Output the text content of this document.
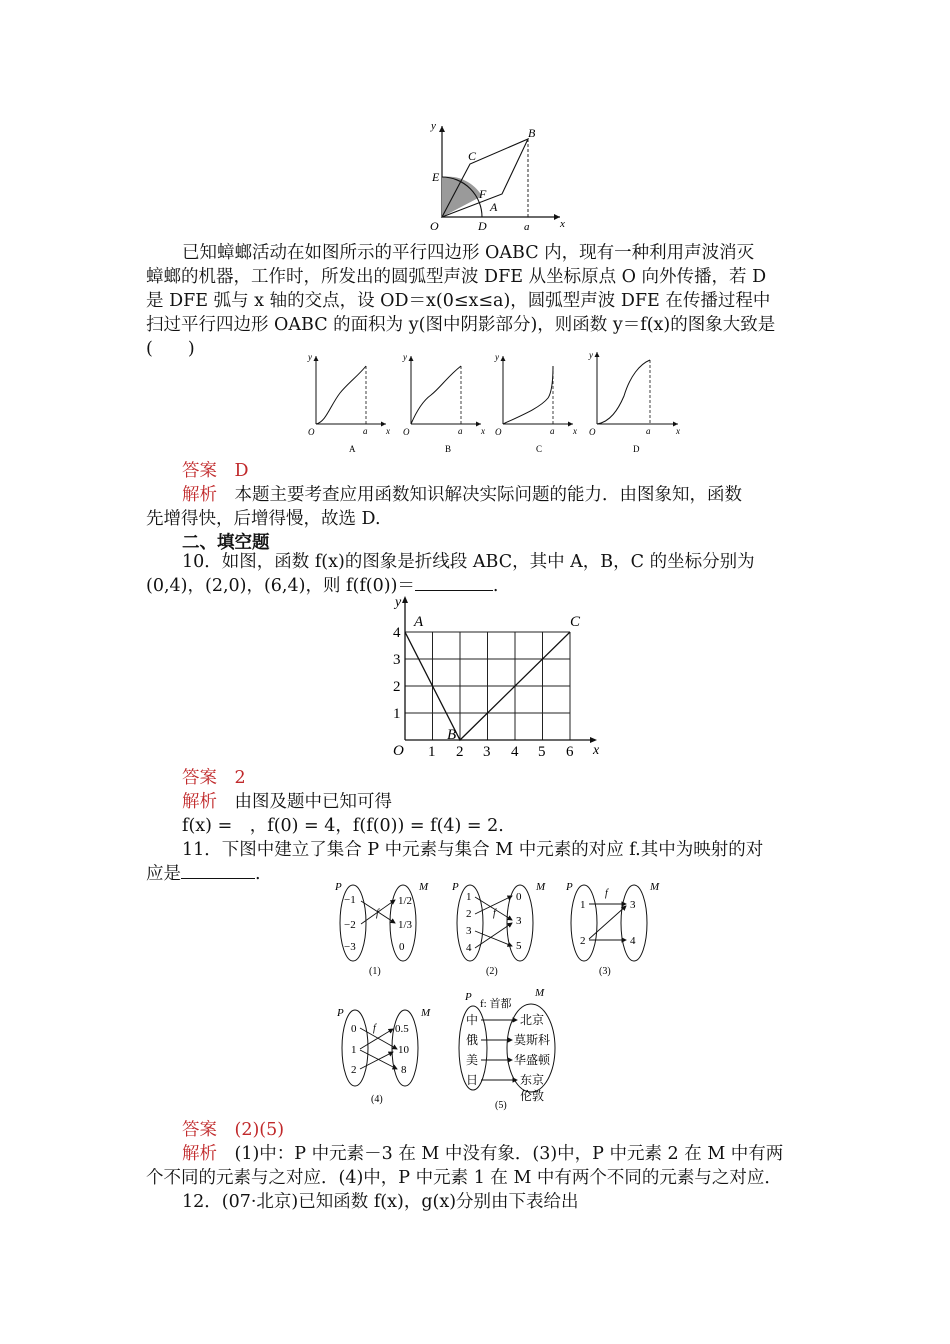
y
x
O	a
B
C
E
F
A
D
已知蟑螂活动在如图所示的平行四边形 OABC 内，现有一种利用声波消灭
蟑螂的机器，工作时，所发出的圆弧型声波 DFE 从坐标原点 O 向外传播，若 D
是 DFE 弧与 x 轴的交点，设 OD＝x(0≤x≤a)，圆弧型声波 DFE 在传播过程中
扫过平行四边形 OABC 的面积为 y(图中阴影部分)，则函数 y＝f(x)的图象大致是
(　　)	y
x
O	a
A
y
x
O	a
B
y
x
O	a
C
y
x
O	a
D
答案　 D
解析　 本题主要考查应用函数知识解决实际问题的能力．由图象知，函数
先增得快，后增得慢，故选 D.
二、填空题
10．如图，函数 f(x)的图象是折线段 ABC，其中 A，B，C 的坐标分别为
(0,4)，(2,0)，(6,4)，则 f(f(0))＝	.
y
x
O
A	C
B
1 2 3 4 5 6
1
2
3
4
答案　 2
解析　 由图及题中已知可得
f(x) =　，f(0) = 4，f(f(0)) = f(4) = 2.
11．下图中建立了集合 P 中元素与集合 M 中元素的对应 f.其中为映射的对
应是	.
P	M
f
−1
−2
−3
1/2
1/3
0
(1)
P	M
f
1
2
3
4
0
3
5
(2)
P	M
f
1
2
3
4
(3)
P	M
f
0
1
2
0.5
10
8
(4)
P	M
f: 首都
中
俄
美
日
北京
莫斯科
华盛顿
东京
伦敦
(5)
答案　 (2)(5)
解析　 (1)中：P 中元素－3 在 M 中没有象．(3)中，P 中元素 2 在 M 中有两
个不同的元素与之对应．(4)中，P 中元素 1 在 M 中有两个不同的元素与之对应．
12．(07·北京)已知函数 f(x)，g(x)分别由下表给出
